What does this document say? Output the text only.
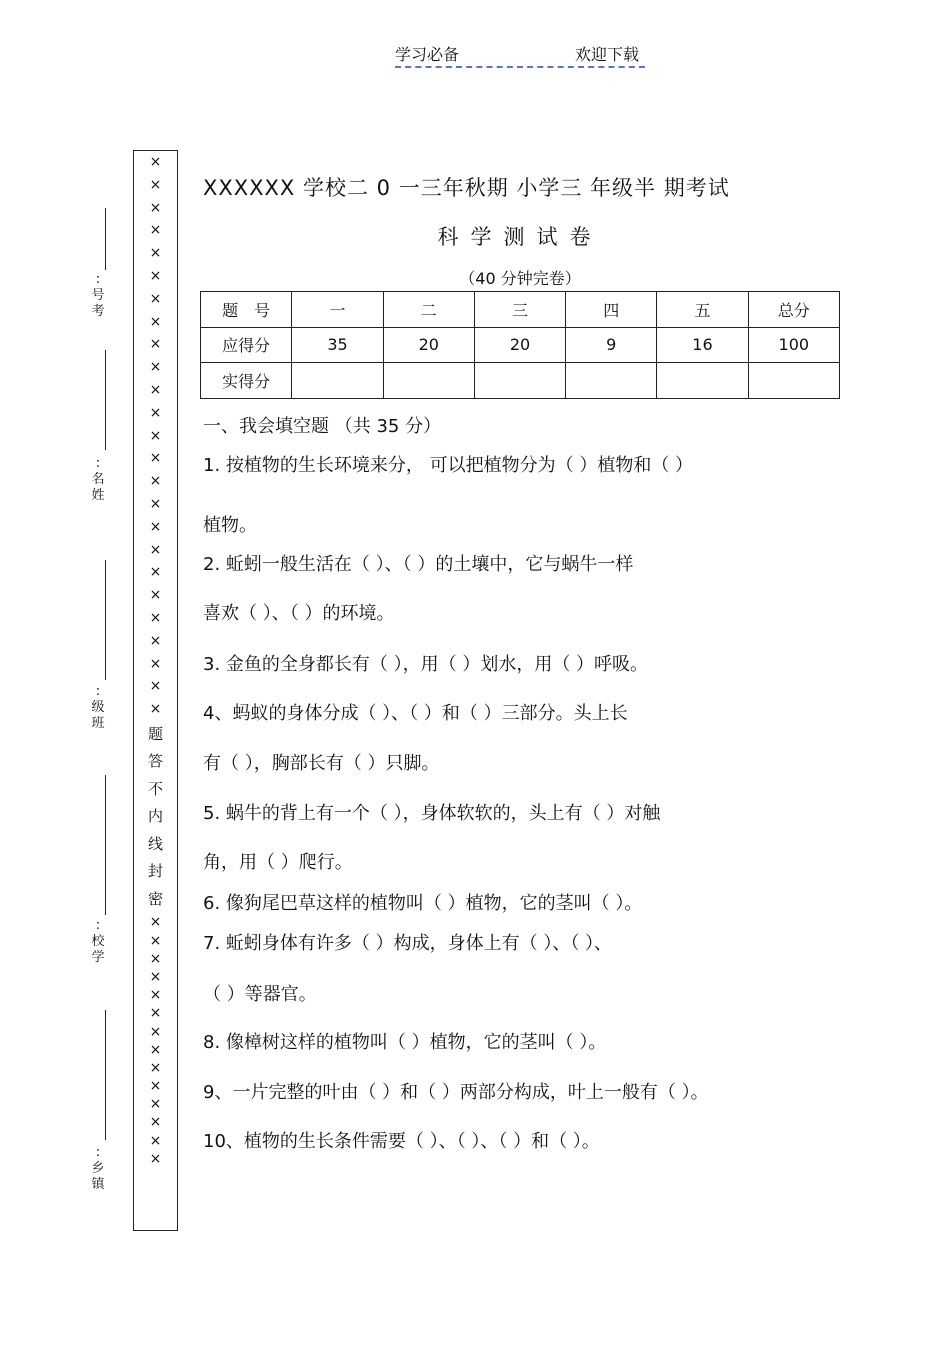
学习必备	欢迎下载
: 号考
: 名姓
: 级班
: 校学
: 乡镇
×
×
×
×
×
×
×
×
×
×
×
×
×
×
×
×
×
×
×
×
×
×
×
×
×
题
答
不
内
线
封
密
×
×
×
×
×
×
×
×
×
×
×
×
×
×
XXXXXX 学校二 0 一三年秋期 小学三 年级半 期考试
科学测试卷
（40 分钟完卷）
题　号	一	二	三	四	五	总分
应得分	35	20	20	9	16	100
实得分						
一、我会填空题 （共 35 分）
1. 按植物的生长环境来分， 可以把植物分为（ ）植物和（ ）
植物。
2. 蚯蚓一般生活在（ ）、（ ）的土壤中，它与蜗牛一样
喜欢（ ）、（ ）的环境。
3. 金鱼的全身都长有（ ），用（ ）划水，用（ ）呼吸。
4、蚂蚁的身体分成（ ）、（ ）和（ ）三部分。头上长
有（ ），胸部长有（ ）只脚。
5. 蜗牛的背上有一个（ ），身体软软的，头上有（ ）对触
角，用（ ）爬行。
6. 像狗尾巴草这样的植物叫（ ）植物，它的茎叫（ ）。
7. 蚯蚓身体有许多（ ）构成，身体上有（ ）、（ ）、
（ ）等器官。
8. 像樟树这样的植物叫（ ）植物，它的茎叫（ ）。
9、一片完整的叶由（ ）和（ ）两部分构成，叶上一般有（ ）。
10、植物的生长条件需要（ ）、（ ）、（ ）和（ ）。
